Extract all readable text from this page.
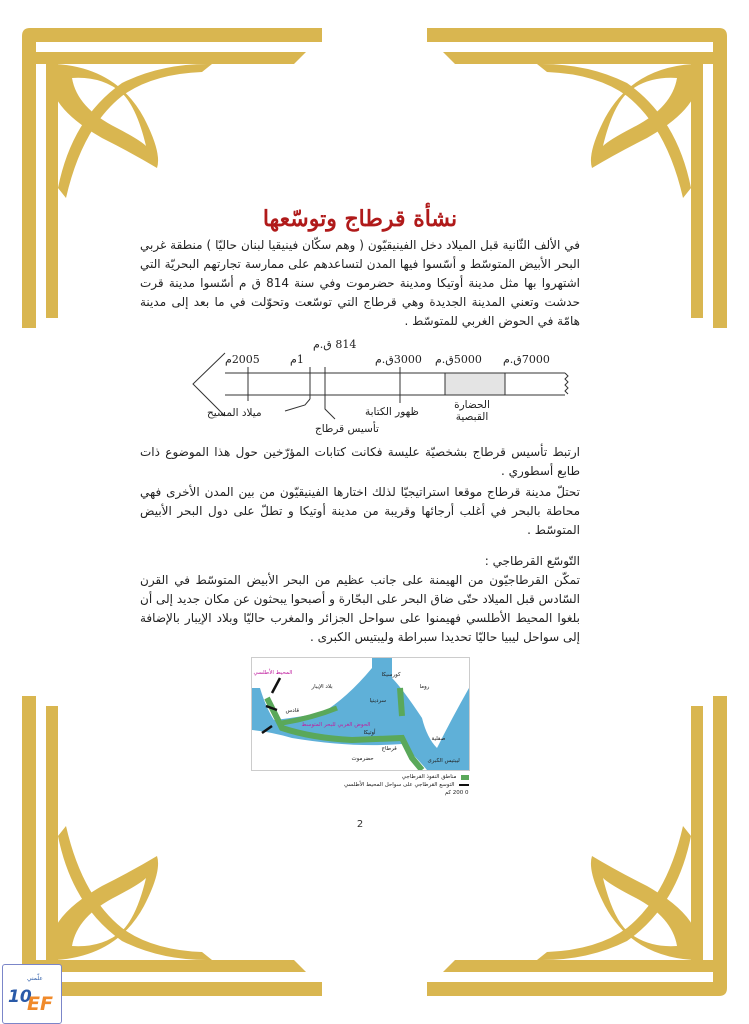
نشأة قرطاج وتوسّعها

في الألف الثّانية قبل الميلاد دخل الفينيقيّون ( وهم سكّان فينيقيا لبنان حاليّا ) منطقة غربي البحر الأبيض المتوسّط و أسّسوا فيها المدن لتساعدهم على ممارسة تجارتهم البحريّة التي اشتهروا بها مثل مدينة أوتيكا ومدينة حضرموت وفي سنة 814 ق م أسّسوا مدينة قرت حدشت وتعني المدينة الجديدة وهي قرطاج التي توسّعت وتحوّلت في ما بعد إلى مدينة هامّة في الحوض الغربي للمتوسّط .

2005م	1م
814 ق.م
3000ق.م 5000ق.م 7000ق.م
ميلاد المسيح
تأسيس قرطاج
ظهور الكتابة
الحضارة القبصية

ارتبط تأسيس قرطاج بشخصيّة عليسة فكانت كتابات المؤرّخين حول هذا الموضوع ذات طابع أسطوري .

تحتلّ مدينة قرطاج موقعا استراتيجيّا لذلك اختارها الفينيقيّون من بين المدن الأخرى فهي محاطة بالبحر في أغلب أرجائها وقريبة من مدينة أوتيكا و تطلّ على دول البحر الأبيض المتوسّط .

التّوسّع القرطاجي :

تمكّن القرطاجيّون من الهيمنة على جانب عظيم من البحر الأبيض المتوسّط في القرن السّادس قبل الميلاد حتّى ضاق البحر على البحّارة و أصبحوا يبحثون عن مكان جديد إلى أن بلغوا المحيط الأطلسي فهيمنوا على سواحل الجزائر والمغرب حاليّا وبلاد الإيبار بالإضافة إلى سواحل ليبيا حاليّا تحديدا سبراطة وليبتيس الكبرى .

المحيط الأطلسي
قادس
بلاد الإيبار
كورسيكا
سردينيا
روما
الحوض الغربي للبحر المتوسط
أوتيكا
قرطاج
حضرموت
صقلية
ليبتيس الكبرى
مناطق النفوذ القرطاجي
التوسع القرطاجي على سواحل المحيط الأطلسي
0 200 كم
2
علّمني
10
EF
